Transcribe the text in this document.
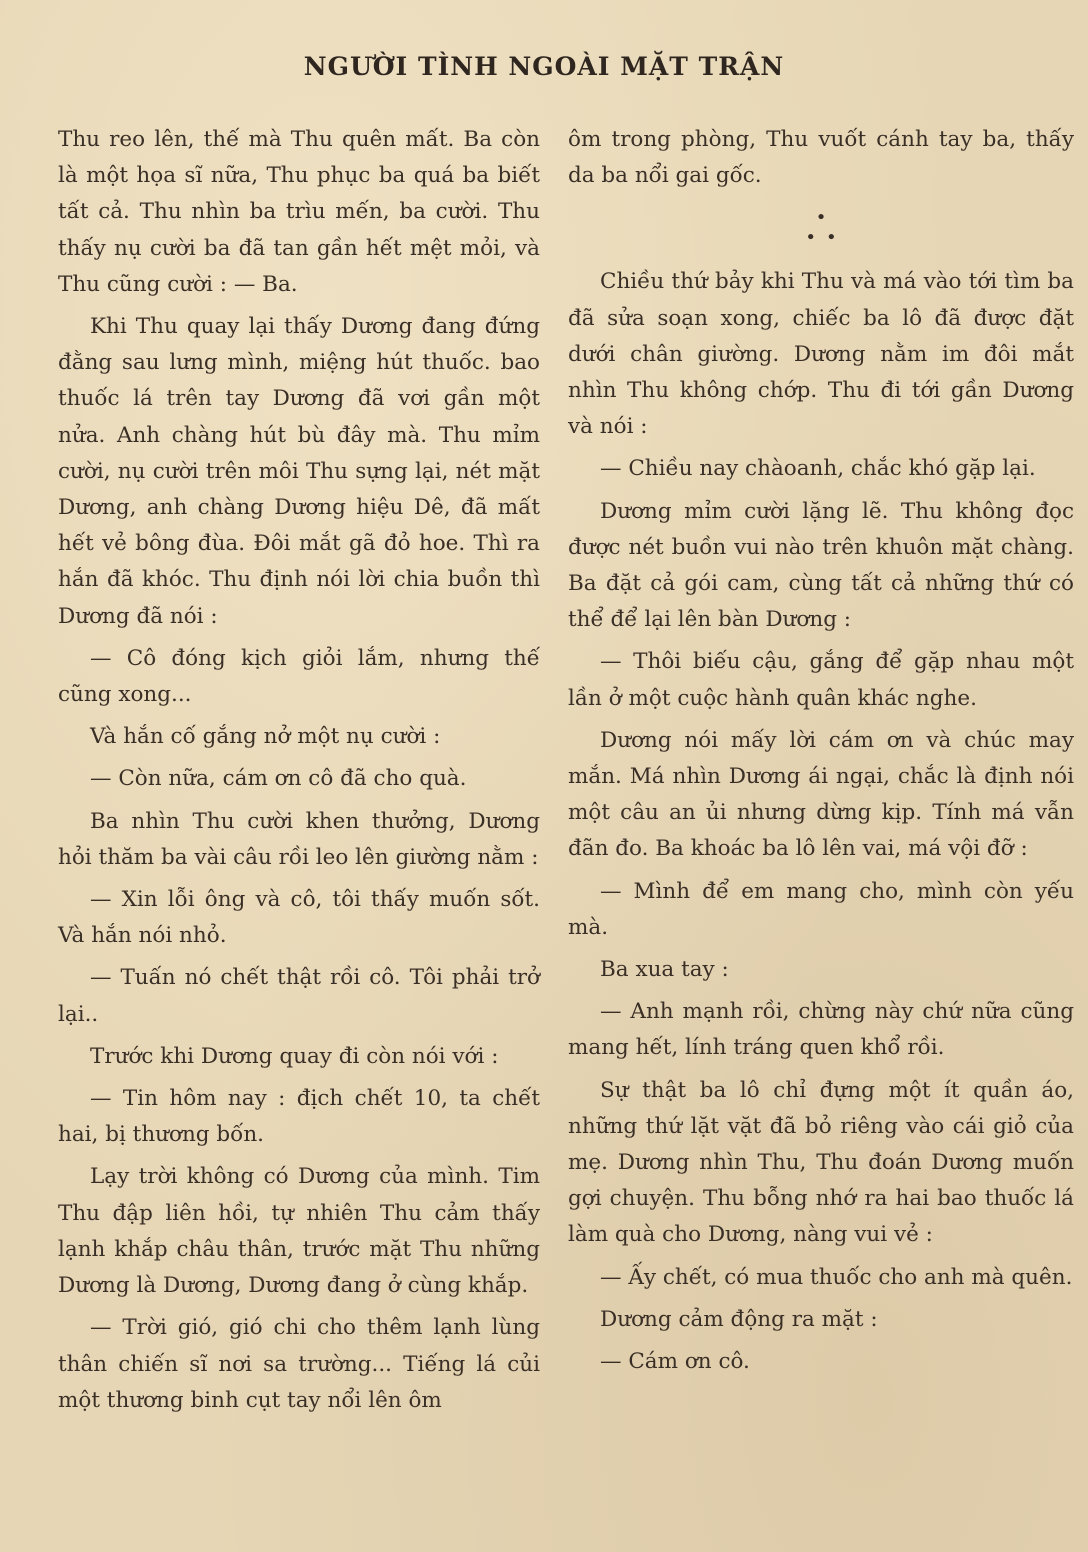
NGƯỜI TÌNH NGOÀI MẶT TRẬN

Thu reo lên, thế mà Thu quên mất. Ba còn là một họa sĩ nữa, Thu phục ba quá ba biết tất cả. Thu nhìn ba trìu mến, ba cười. Thu thấy nụ cười ba đã tan gần hết mệt mỏi, và Thu cũng cười : — Ba.

Khi Thu quay lại thấy Dương đang đứng đằng sau lưng mình, miệng hút thuốc. bao thuốc lá trên tay Dương đã vơi gần một nửa. Anh chàng hút bù đây mà. Thu mỉm cười, nụ cười trên môi Thu sựng lại, nét mặt Dương, anh chàng Dương hiệu Dê, đã mất hết vẻ bông đùa. Đôi mắt gã đỏ hoe. Thì ra hắn đã khóc. Thu định nói lời chia buồn thì Dương đã nói :

— Cô đóng kịch giỏi lắm, nhưng thế cũng xong...

Và hắn cố gắng nở một nụ cười :

— Còn nữa, cám ơn cô đã cho quà.

Ba nhìn Thu cười khen thưởng, Dương hỏi thăm ba vài câu rồi leo lên giường nằm :

— Xin lỗi ông và cô, tôi thấy muốn sốt. Và hắn nói nhỏ.

— Tuấn nó chết thật rồi cô. Tôi phải trở lại..

Trước khi Dương quay đi còn nói với :

— Tin hôm nay : địch chết 10, ta chết hai, bị thương bốn.

Lạy trời không có Dương của mình. Tim Thu đập liên hồi, tự nhiên Thu cảm thấy lạnh khắp châu thân, trước mặt Thu những Dương là Dương, Dương đang ở cùng khắp.

— Trời gió, gió chi cho thêm lạnh lùng thân chiến sĩ nơi sa trường... Tiếng lá củi một thương binh cụt tay nổi lên ôm

ôm trong phòng, Thu vuốt cánh tay ba, thấy da ba nổi gai gốc.

•
••

Chiều thứ bảy khi Thu và má vào tới tìm ba đã sửa soạn xong, chiếc ba lô đã được đặt dưới chân giường. Dương nằm im đôi mắt nhìn Thu không chớp. Thu đi tới gần Dương và nói :

— Chiều nay chàoanh, chắc khó gặp lại.

Dương mỉm cười lặng lẽ. Thu không đọc được nét buồn vui nào trên khuôn mặt chàng. Ba đặt cả gói cam, cùng tất cả những thứ có thể để lại lên bàn Dương :

— Thôi biếu cậu, gắng để gặp nhau một lần ở một cuộc hành quân khác nghe.

Dương nói mấy lời cám ơn và chúc may mắn. Má nhìn Dương ái ngại, chắc là định nói một câu an ủi nhưng dừng kịp. Tính má vẫn đãn đo. Ba khoác ba lô lên vai, má vội đỡ :

— Mình để em mang cho, mình còn yếu mà.

Ba xua tay :

— Anh mạnh rồi, chừng này chứ nữa cũng mang hết, lính tráng quen khổ rồi.

Sự thật ba lô chỉ đựng một ít quần áo, những thứ lặt vặt đã bỏ riêng vào cái giỏ của mẹ. Dương nhìn Thu, Thu đoán Dương muốn gợi chuyện. Thu bỗng nhớ ra hai bao thuốc lá làm quà cho Dương, nàng vui vẻ :

— Ấy chết, có mua thuốc cho anh mà quên.

Dương cảm động ra mặt :

— Cám ơn cô.
